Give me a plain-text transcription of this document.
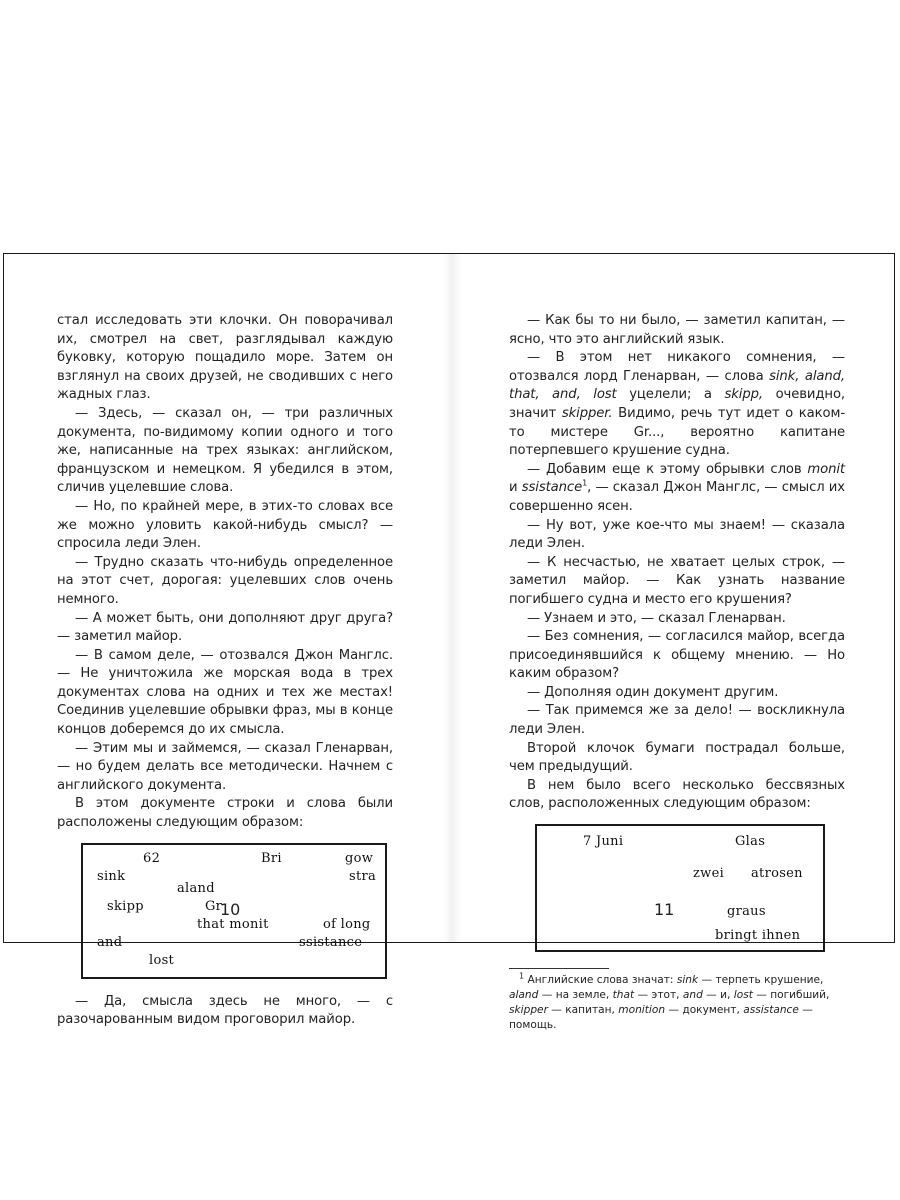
стал исследовать эти клочки. Он поворачивал их, смотрел на свет, разглядывал каждую буковку, которую пощадило море. Затем он взглянул на своих друзей, не сводивших с него жадных глаз.

— Здесь, — сказал он, — три различных документа, по-видимому копии одного и того же, написанные на трех языках: английском, французском и немецком. Я убедился в этом, сличив уцелевшие слова.

— Но, по крайней мере, в этих-то словах все же можно уловить какой-нибудь смысл? — спросила леди Элен.

— Трудно сказать что-нибудь определенное на этот счет, дорогая: уцелевших слов очень немного.

— А может быть, они дополняют друг друга? — заметил майор.

— В самом деле, — отозвался Джон Манглс. — Не уничтожила же морская вода в трех документах слова на одних и тех же местах! Соединив уцелевшие обрывки фраз, мы в конце концов доберемся до их смысла.

— Этим мы и займемся, — сказал Гленарван, — но будем делать все методически. Начнем с английского документа.

В этом документе строки и слова были расположены следующим образом:

62	Bri	gow
sink	stra
aland
skipp	Gr
that monit	of long
and	ssistance
lost

— Да, смысла здесь не много, — с разочарованным видом проговорил майор.

10

— Как бы то ни было, — заметил капитан, — ясно, что это английский язык.

— В этом нет никакого сомнения, — отозвался лорд Гленарван, — слова sink, aland, that, and, lost уцелели; а skipp, очевидно, значит skipper. Видимо, речь тут идет о каком-то мистере Gr..., вероятно капитане потерпевшего крушение судна.

— Добавим еще к этому обрывки слов monit и ssistance$^1$, — сказал Джон Манглс, — смысл их совершенно ясен.

— Ну вот, уже кое-что мы знаем! — сказала леди Элен.

— К несчастью, не хватает целых строк, — заметил майор. — Как узнать название погибшего судна и место его крушения?

— Узнаем и это, — сказал Гленарван.

— Без сомнения, — согласился майор, всегда присоединявшийся к общему мнению. — Но каким образом?

— Дополняя один документ другим.

— Так примемся же за дело! — воскликнула леди Элен.

Второй клочок бумаги пострадал больше, чем предыдущий.

В нем было всего несколько бессвязных слов, расположенных следующим образом:

7 Juni	Glas
zwei atrosen
graus
bringt ihnen

$^1$ Английские слова значат: sink — терпеть крушение, aland — на земле, that — этот, and — и, lost — погибший, skipper — капитан, monition — документ, assistance — помощь.

11
